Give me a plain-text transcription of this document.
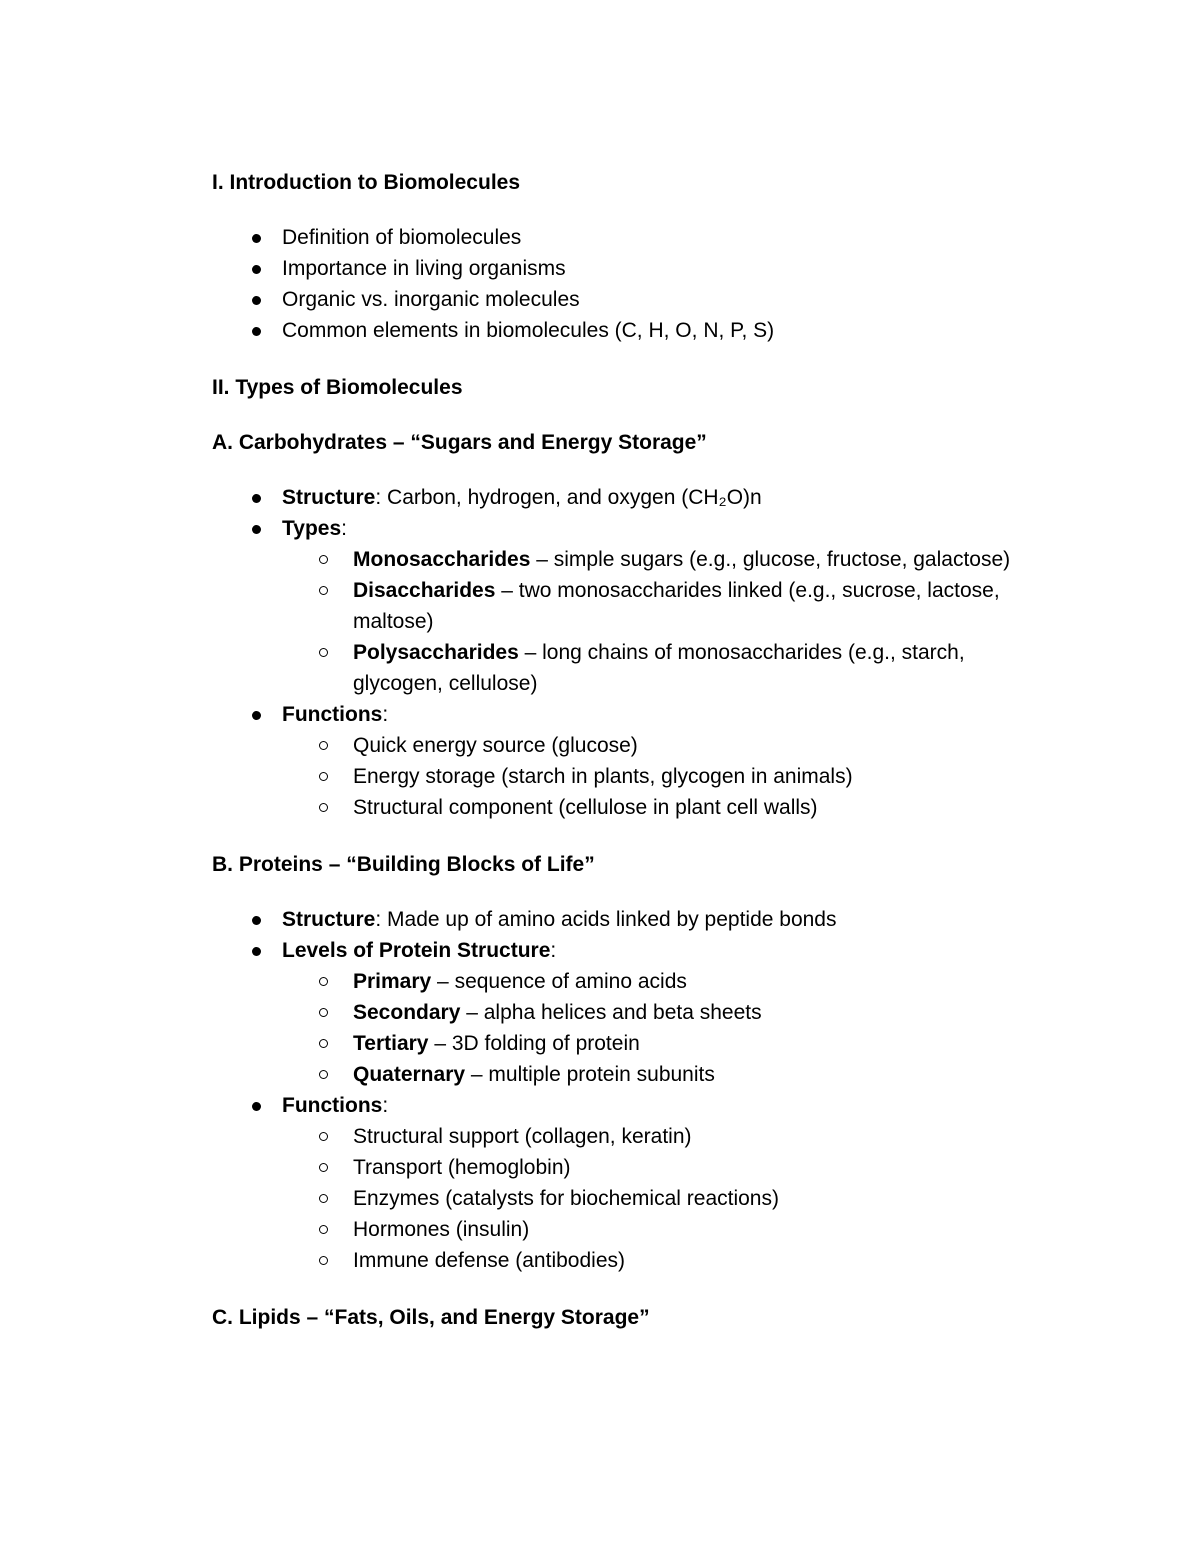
I. Introduction to Biomolecules
Definition of biomolecules
Importance in living organisms
Organic vs. inorganic molecules
Common elements in biomolecules (C, H, O, N, P, S)
II. Types of Biomolecules
A. Carbohydrates – “Sugars and Energy Storage”
Structure: Carbon, hydrogen, and oxygen (CH₂O)n
Types:
Monosaccharides – simple sugars (e.g., glucose, fructose, galactose)
Disaccharides – two monosaccharides linked (e.g., sucrose, lactose, maltose)
Polysaccharides – long chains of monosaccharides (e.g., starch, glycogen, cellulose)
Functions:
Quick energy source (glucose)
Energy storage (starch in plants, glycogen in animals)
Structural component (cellulose in plant cell walls)
B. Proteins – “Building Blocks of Life”
Structure: Made up of amino acids linked by peptide bonds
Levels of Protein Structure:
Primary – sequence of amino acids
Secondary – alpha helices and beta sheets
Tertiary – 3D folding of protein
Quaternary – multiple protein subunits
Functions:
Structural support (collagen, keratin)
Transport (hemoglobin)
Enzymes (catalysts for biochemical reactions)
Hormones (insulin)
Immune defense (antibodies)
C. Lipids – “Fats, Oils, and Energy Storage”
